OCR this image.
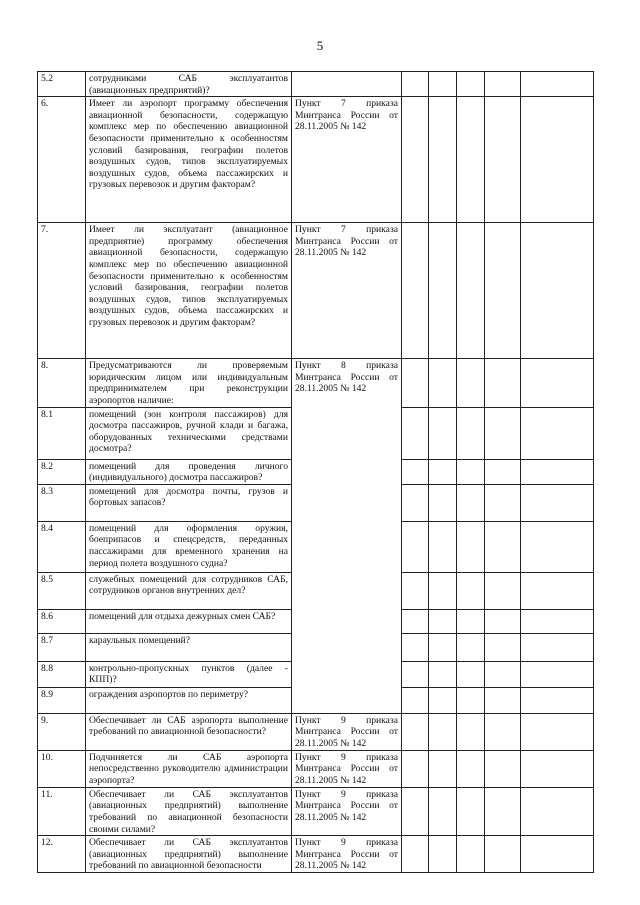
5
5.2	сотрудниками САБ эксплуатантов (авиационных предприятий)?						
6.	Имеет ли аэропорт программу обеспечения авиационной безопасности, содержащую комплекс мер по обеспечению авиационной безопасности применительно к особенностям условий базирования, географии полетов воздушных судов, типов эксплуатируемых воздушных судов, объема пассажирских и грузовых перевозок и другим факторам?	Пункт 7 приказа Минтранса России от 28.11.2005 № 142					
7.	Имеет ли эксплуатант (авиационное предприятие) программу обеспечения авиационной безопасности, содержащую комплекс мер по обеспечению авиационной безопасности применительно к особенностям условий базирования, географии полетов воздушных судов, типов эксплуатируемых воздушных судов, объема пассажирских и грузовых перевозок и другим факторам?	Пункт 7 приказа Минтранса России от 28.11.2005 № 142					
8.	Предусматриваются ли проверяемым юридическим лицом или индивидуальным предпринимателем при реконструкции аэропортов наличие:	Пункт 8 приказа Минтранса России от 28.11.2005 № 142					
8.1	помещений (зон контроля пассажиров) для досмотра пассажиров, ручной клади и багажа, оборудованных техническими средствами досмотра?						
8.2	помещений для проведения личного (индивидуального) досмотра пассажиров?						
8.3	помещений для досмотра почты, грузов и бортовых запасов?						
8.4	помещений для оформления оружия, боеприпасов и спецсредств, переданных пассажирами для временного хранения на период полета воздушного судна?						
8.5	служебных помещений для сотрудников САБ, сотрудников органов внутренних дел?						
8.6	помещений для отдыха дежурных смен САБ?						
8.7	караульных помещений?						
8.8	контрольно-пропускных пунктов (далее - КПП)?						
8.9	ограждения аэропортов по периметру?						
9.	Обеспечивает ли САБ аэропорта выполнение требований по авиационной безопасности?	Пункт 9 приказа Минтранса России от 28.11.2005 № 142					
10.	Подчиняется ли САБ аэропорта непосредственно руководителю администрации аэропорта?	Пункт 9 приказа Минтранса России от 28.11.2005 № 142					
11.	Обеспечивает ли САБ эксплуатантов (авиационных предприятий) выполнение требований по авиационной безопасности своими силами?	Пункт 9 приказа Минтранса России от 28.11.2005 № 142					
12.	Обеспечивает ли САБ эксплуатантов (авиационных предприятий) выполнение требований по авиационной безопасности	Пункт 9 приказа Минтранса России от 28.11.2005 № 142					
